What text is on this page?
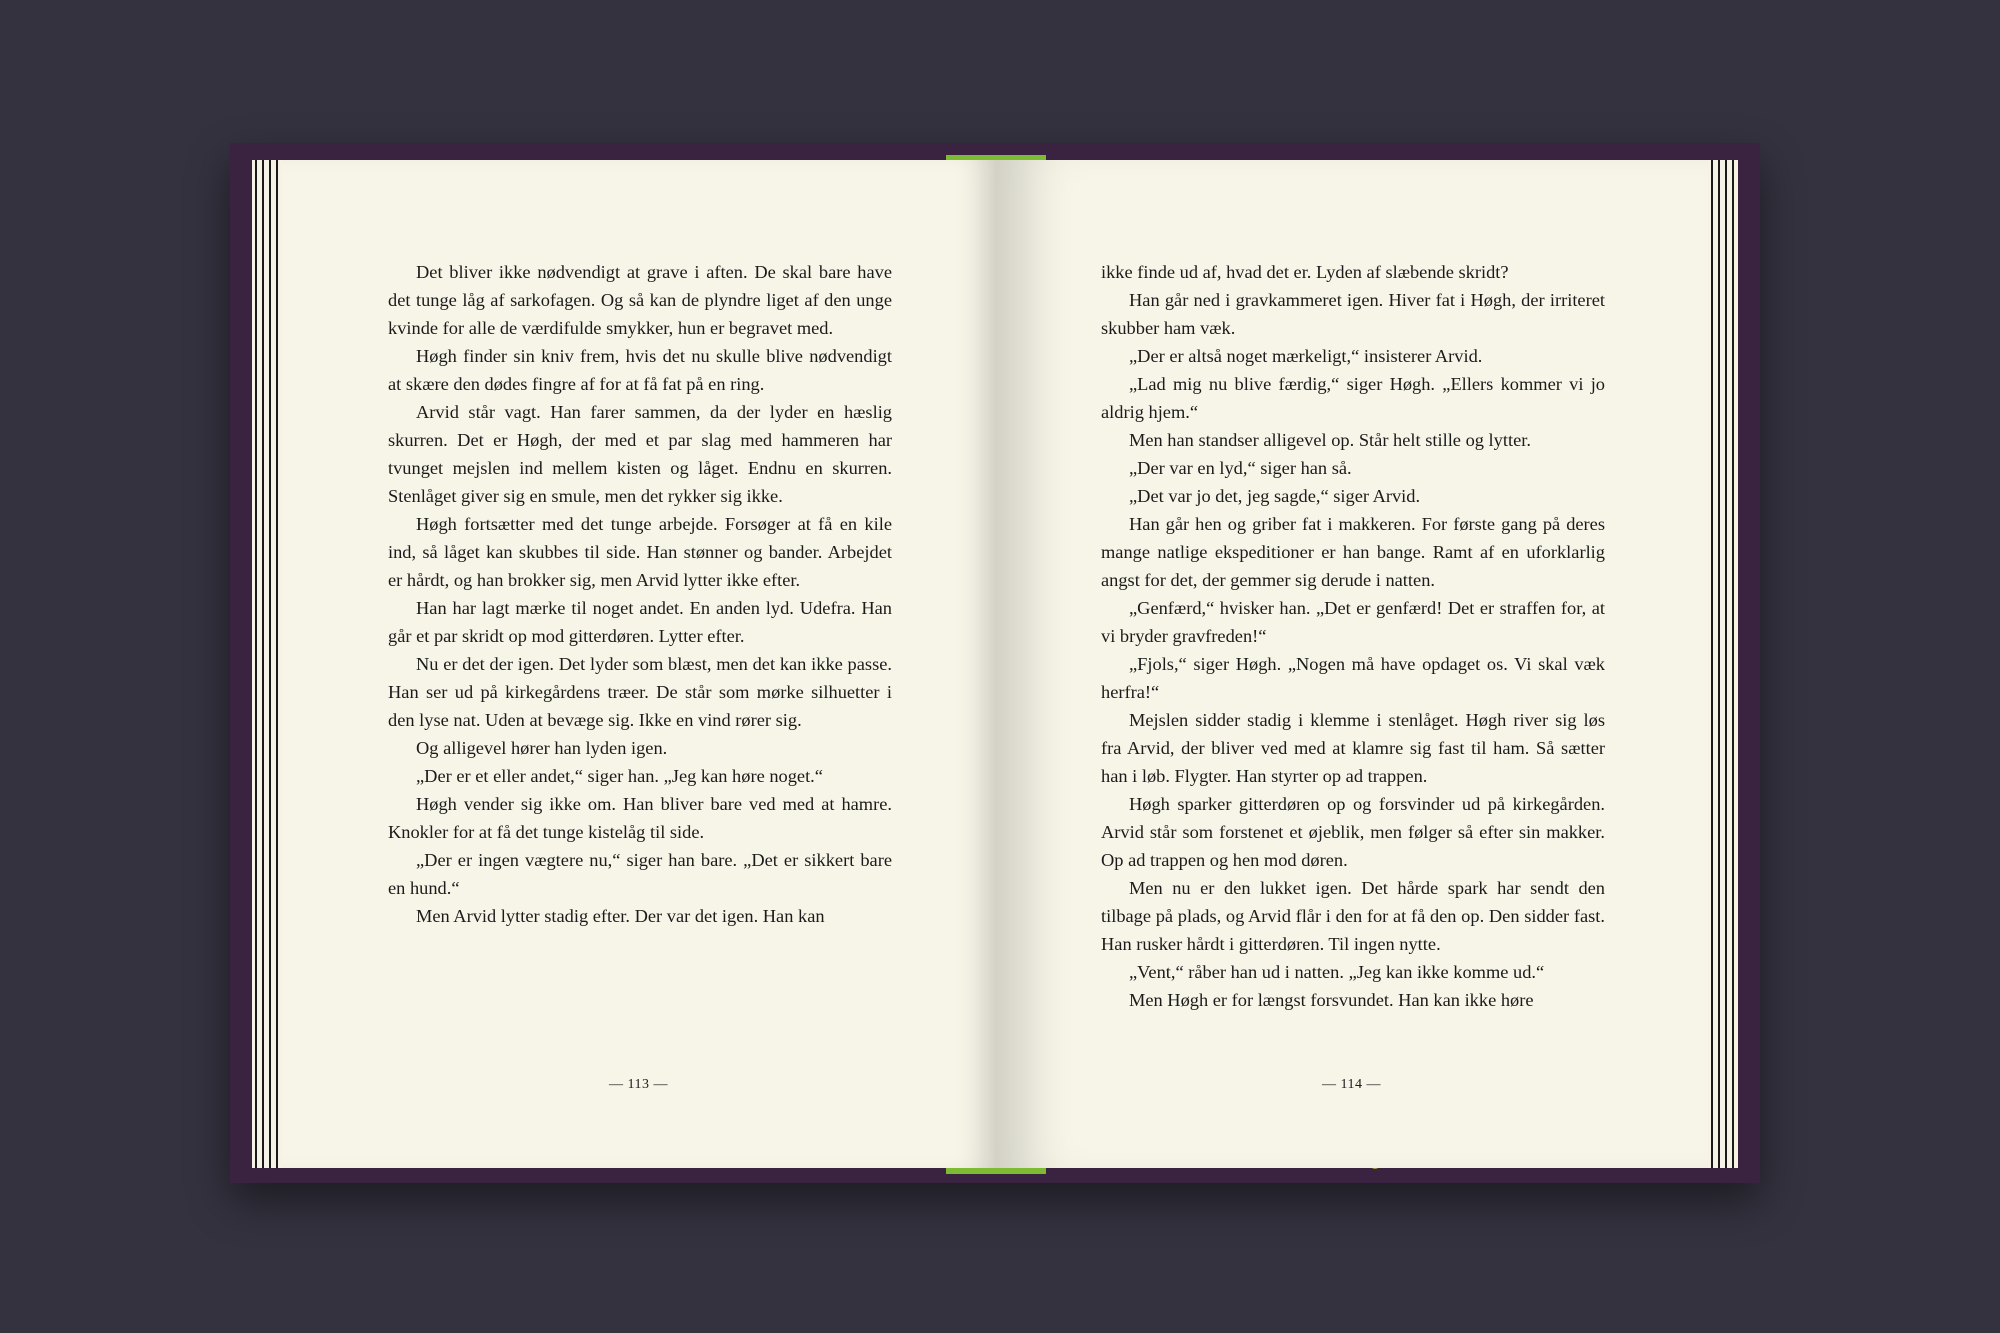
Det bliver ikke nødvendigt at grave i aften. De skal bare have det tunge låg af sarkofagen. Og så kan de plyndre liget af den unge kvinde for alle de værdifulde smykker, hun er begravet med.

Høgh finder sin kniv frem, hvis det nu skulle blive nødvendigt at skære den dødes fingre af for at få fat på en ring.

Arvid står vagt. Han farer sammen, da der lyder en hæslig skurren. Det er Høgh, der med et par slag med hammeren har tvunget mejslen ind mellem kisten og låget. Endnu en skurren. Stenlåget giver sig en smule, men det rykker sig ikke.

Høgh fortsætter med det tunge arbejde. Forsøger at få en kile ind, så låget kan skubbes til side. Han stønner og bander. Arbejdet er hårdt, og han brokker sig, men Arvid lytter ikke efter.

Han har lagt mærke til noget andet. En anden lyd. Udefra. Han går et par skridt op mod gitterdøren. Lytter efter.

Nu er det der igen. Det lyder som blæst, men det kan ikke passe. Han ser ud på kirkegårdens træer. De står som mørke silhuetter i den lyse nat. Uden at bevæge sig. Ikke en vind rører sig.

Og alligevel hører han lyden igen.

„Der er et eller andet,“ siger han. „Jeg kan høre noget.“

Høgh vender sig ikke om. Han bliver bare ved med at hamre. Knokler for at få det tunge kistelåg til side.

„Der er ingen vægtere nu,“ siger han bare. „Det er sikkert bare en hund.“

Men Arvid lytter stadig efter. Der var det igen. Han kan

— 113 —

ikke finde ud af, hvad det er. Lyden af slæbende skridt?

Han går ned i gravkammeret igen. Hiver fat i Høgh, der irriteret skubber ham væk.

„Der er altså noget mærkeligt,“ insisterer Arvid.

„Lad mig nu blive færdig,“ siger Høgh. „Ellers kommer vi jo aldrig hjem.“

Men han standser alligevel op. Står helt stille og lytter.

„Der var en lyd,“ siger han så.

„Det var jo det, jeg sagde,“ siger Arvid.

Han går hen og griber fat i makkeren. For første gang på deres mange natlige ekspeditioner er han bange. Ramt af en uforklarlig angst for det, der gemmer sig derude i natten.

„Genfærd,“ hvisker han. „Det er genfærd! Det er straffen for, at vi bryder gravfreden!“

„Fjols,“ siger Høgh. „Nogen må have opdaget os. Vi skal væk herfra!“

Mejslen sidder stadig i klemme i stenlåget. Høgh river sig løs fra Arvid, der bliver ved med at klamre sig fast til ham. Så sætter han i løb. Flygter. Han styrter op ad trappen.

Høgh sparker gitterdøren op og forsvinder ud på kirkegården. Arvid står som forstenet et øjeblik, men følger så efter sin makker. Op ad trappen og hen mod døren.

Men nu er den lukket igen. Det hårde spark har sendt den tilbage på plads, og Arvid flår i den for at få den op. Den sidder fast. Han rusker hårdt i gitterdøren. Til ingen nytte.

„Vent,“ råber han ud i natten. „Jeg kan ikke komme ud.“

Men Høgh er for længst forsvundet. Han kan ikke høre

— 114 —
